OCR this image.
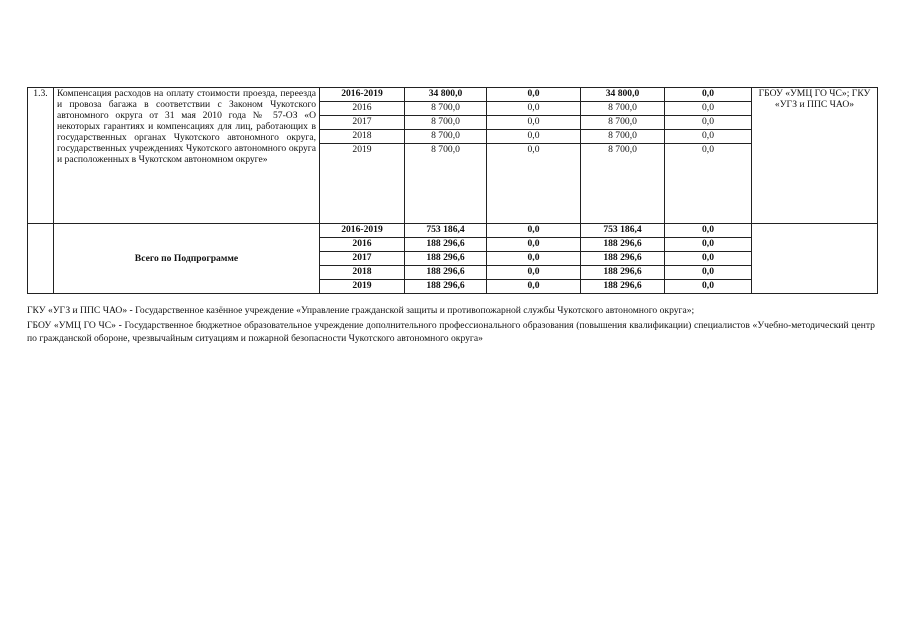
1.3.	Компенсация расходов на оплату стоимости проезда, переезда и провоза багажа в соответствии с Законом Чукотского автономного округа от 31 мая 2010 года № 57-ОЗ «О некоторых гарантиях и компенсациях для лиц, работающих в государственных органах Чукотского автономного округа, государственных учреждениях Чукотского автономного округа и расположенных в Чукотском автономном округе»	2016-2019	34 800,0	0,0	34 800,0	0,0	ГБОУ «УМЦ ГО ЧС»; ГКУ «УГЗ и ППС ЧАО»
		2016	8 700,0	0,0	8 700,0	0,0	
		2017	8 700,0	0,0	8 700,0	0,0	
		2018	8 700,0	0,0	8 700,0	0,0	
		2019	8 700,0	0,0	8 700,0	0,0	
	Всего по Подпрограмме	2016-2019	753 186,4	0,0	753 186,4	0,0	
		2016	188 296,6	0,0	188 296,6	0,0	
		2017	188 296,6	0,0	188 296,6	0,0	
		2018	188 296,6	0,0	188 296,6	0,0	
		2019	188 296,6	0,0	188 296,6	0,0	

ГКУ «УГЗ и ППС ЧАО» - Государственное казённое учреждение «Управление гражданской защиты и противопожарной службы Чукотского автономного округа»;

ГБОУ «УМЦ ГО ЧС» - Государственное бюджетное образовательное учреждение дополнительного профессионального образования (повышения квалификации) специалистов «Учебно-методический центр по гражданской обороне, чрезвычайным ситуациям и пожарной безопасности Чукотского автономного округа»
